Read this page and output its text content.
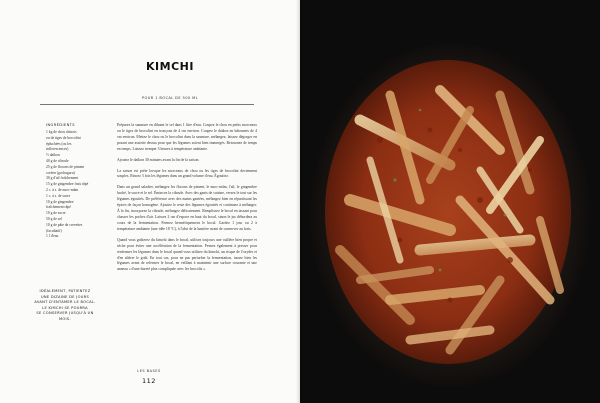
KIMCHI
POUR 1 BOCAL DE 500 ML
INGRÉDIENTS
1 kg de chou chinois
ou de tiges de brocolini
épluchées (ou les
inflorescences)
½ daïkon
40 g de ciboule
25 g de flocons de piment
coréen (gochugaru)
30 g d'ail fraîchement
15 g de gingembre frais râpé
2 c. à s. de nuoc-mâm
1 c. à s. de sucre
10 g de gingembre
fraîchement râpé
10 g de sucre
50 g de sel
10 g de pâte de crevettes
(facultatif)
1 l d'eau

Préparez la saumure en diluant le sel dans 1 litre d'eau. Coupez le chou en petits morceaux ou le tiges de brocolini en tronçons de 4 cm environ. Coupez le daïkon en bâtonnets de 4 cm environ. Mettez le chou ou le brocolini dans la saumure, mélangez, laissez dégorger en posant une assiette dessus pour que les légumes soient bien immergés. Retournez de temps en temps. Laissez tremper 3 heures à température ambiante.

Ajoutez le daïkon 30 minutes avant la fin de la saison.

La saison est prête lorsque les morceaux de chou ou les tiges de brocolini deviennent souples. Rincez 3 fois les légumes dans un grand volume d'eau. Égouttez.

Dans un grand saladier, mélangez les flocons de piment, le nuoc-mâm, l'ail, le gingembre haché, le sucre et le sel. Émincez la ciboule. Avec des gants de cuisine, versez le tout sur les légumes égouttés. De préférence avec des mains gantées, mélangez bien en répartissant les épices de façon homogène. Ajoutez le reste des légumes égouttés et continuez à mélanger. À la fin, incorporez la ciboule, mélangez délicatement. Remplissez le bocal en tassant pour chasser les poches d'air. Laissez 2 cm d'espace en haut du bocal, sinon le jus débordera au cours de la fermentation. Fermez hermétiquement le bocal. Gardez 1 jour ou 2 à température ambiante (une idée 18 °C), à l'abri de la lumière avant de conserver au frais.

Quand vous goûterez du kimchi dans le bocal, utilisez toujours une cuillère bien propre et sèche pour éviter une accélération de la fermentation. Pensez également à presser pour renfermer les légumes dans le bocal quand vous utilisez du kimchi, un risque de l'oxyder et d'en altérer le goût. En tout cas, pour ne pas perturber la fermentation, tassez bien les légumes avant de refermer le bocal, en veillant à maintenir une surface courante et une anneau « d'une dureté plus compliquée avec les brocolis ».

IDÉALEMENT, PATIENTEZ
UNE DIZAINE DE JOURS
AVANT D'ENTAMER LE BOCAL.
LE KIMCHI SE POURRA
SE CONSERVER JUSQU'À UN MOIS.
LES BASES
112
